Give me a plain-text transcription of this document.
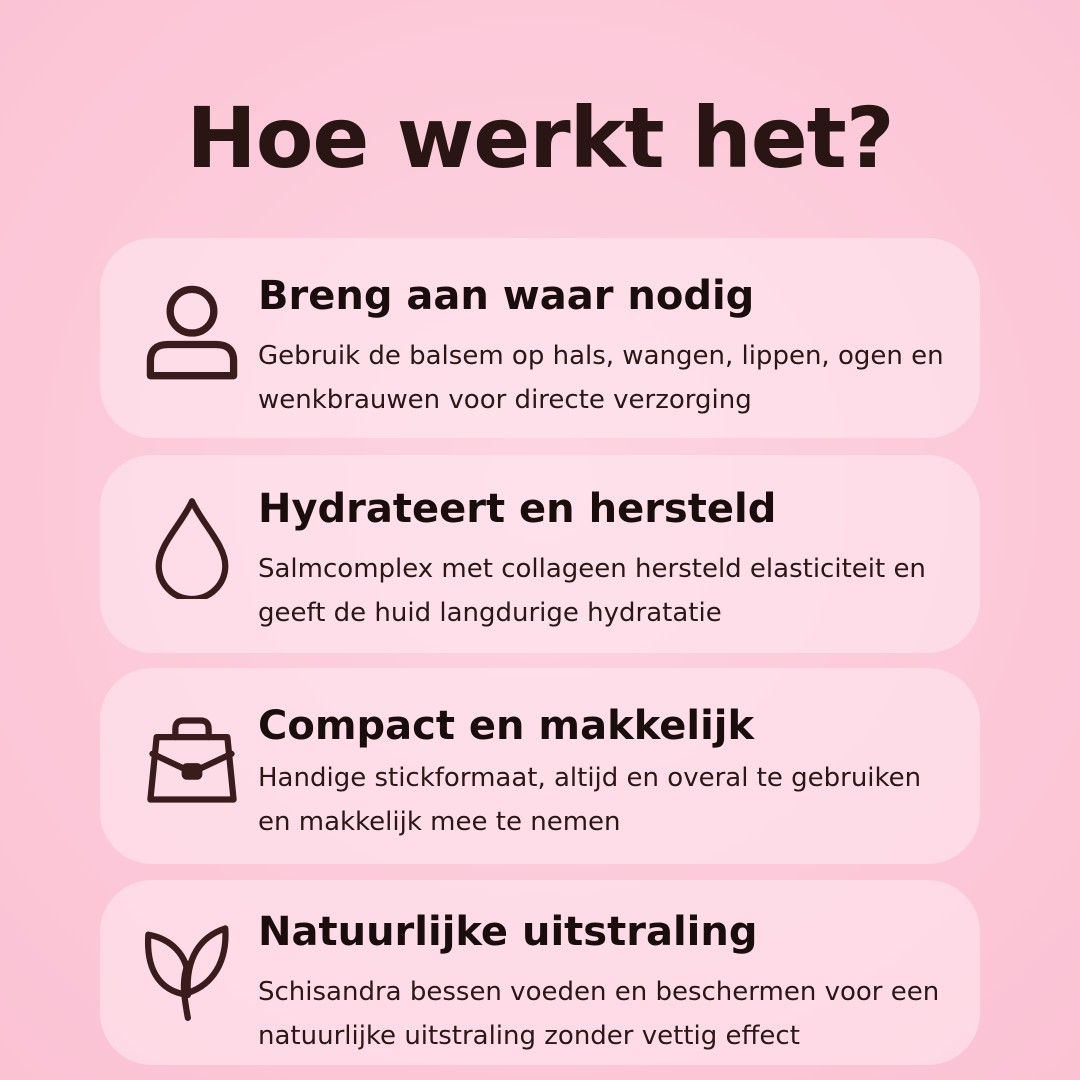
Hoe werkt het?
Breng aan waar nodig
Gebruik de balsem op hals, wangen, lippen, ogen en wenkbrauwen voor directe verzorging
Hydrateert en hersteld
Salmcomplex met collageen hersteld elasticiteit en geeft de huid langdurige hydratatie
Compact en makkelijk
Handige stickformaat, altijd en overal te gebruiken en makkelijk mee te nemen
Natuurlijke uitstraling
Schisandra bessen voeden en beschermen voor een natuurlijke uitstraling zonder vettig effect
